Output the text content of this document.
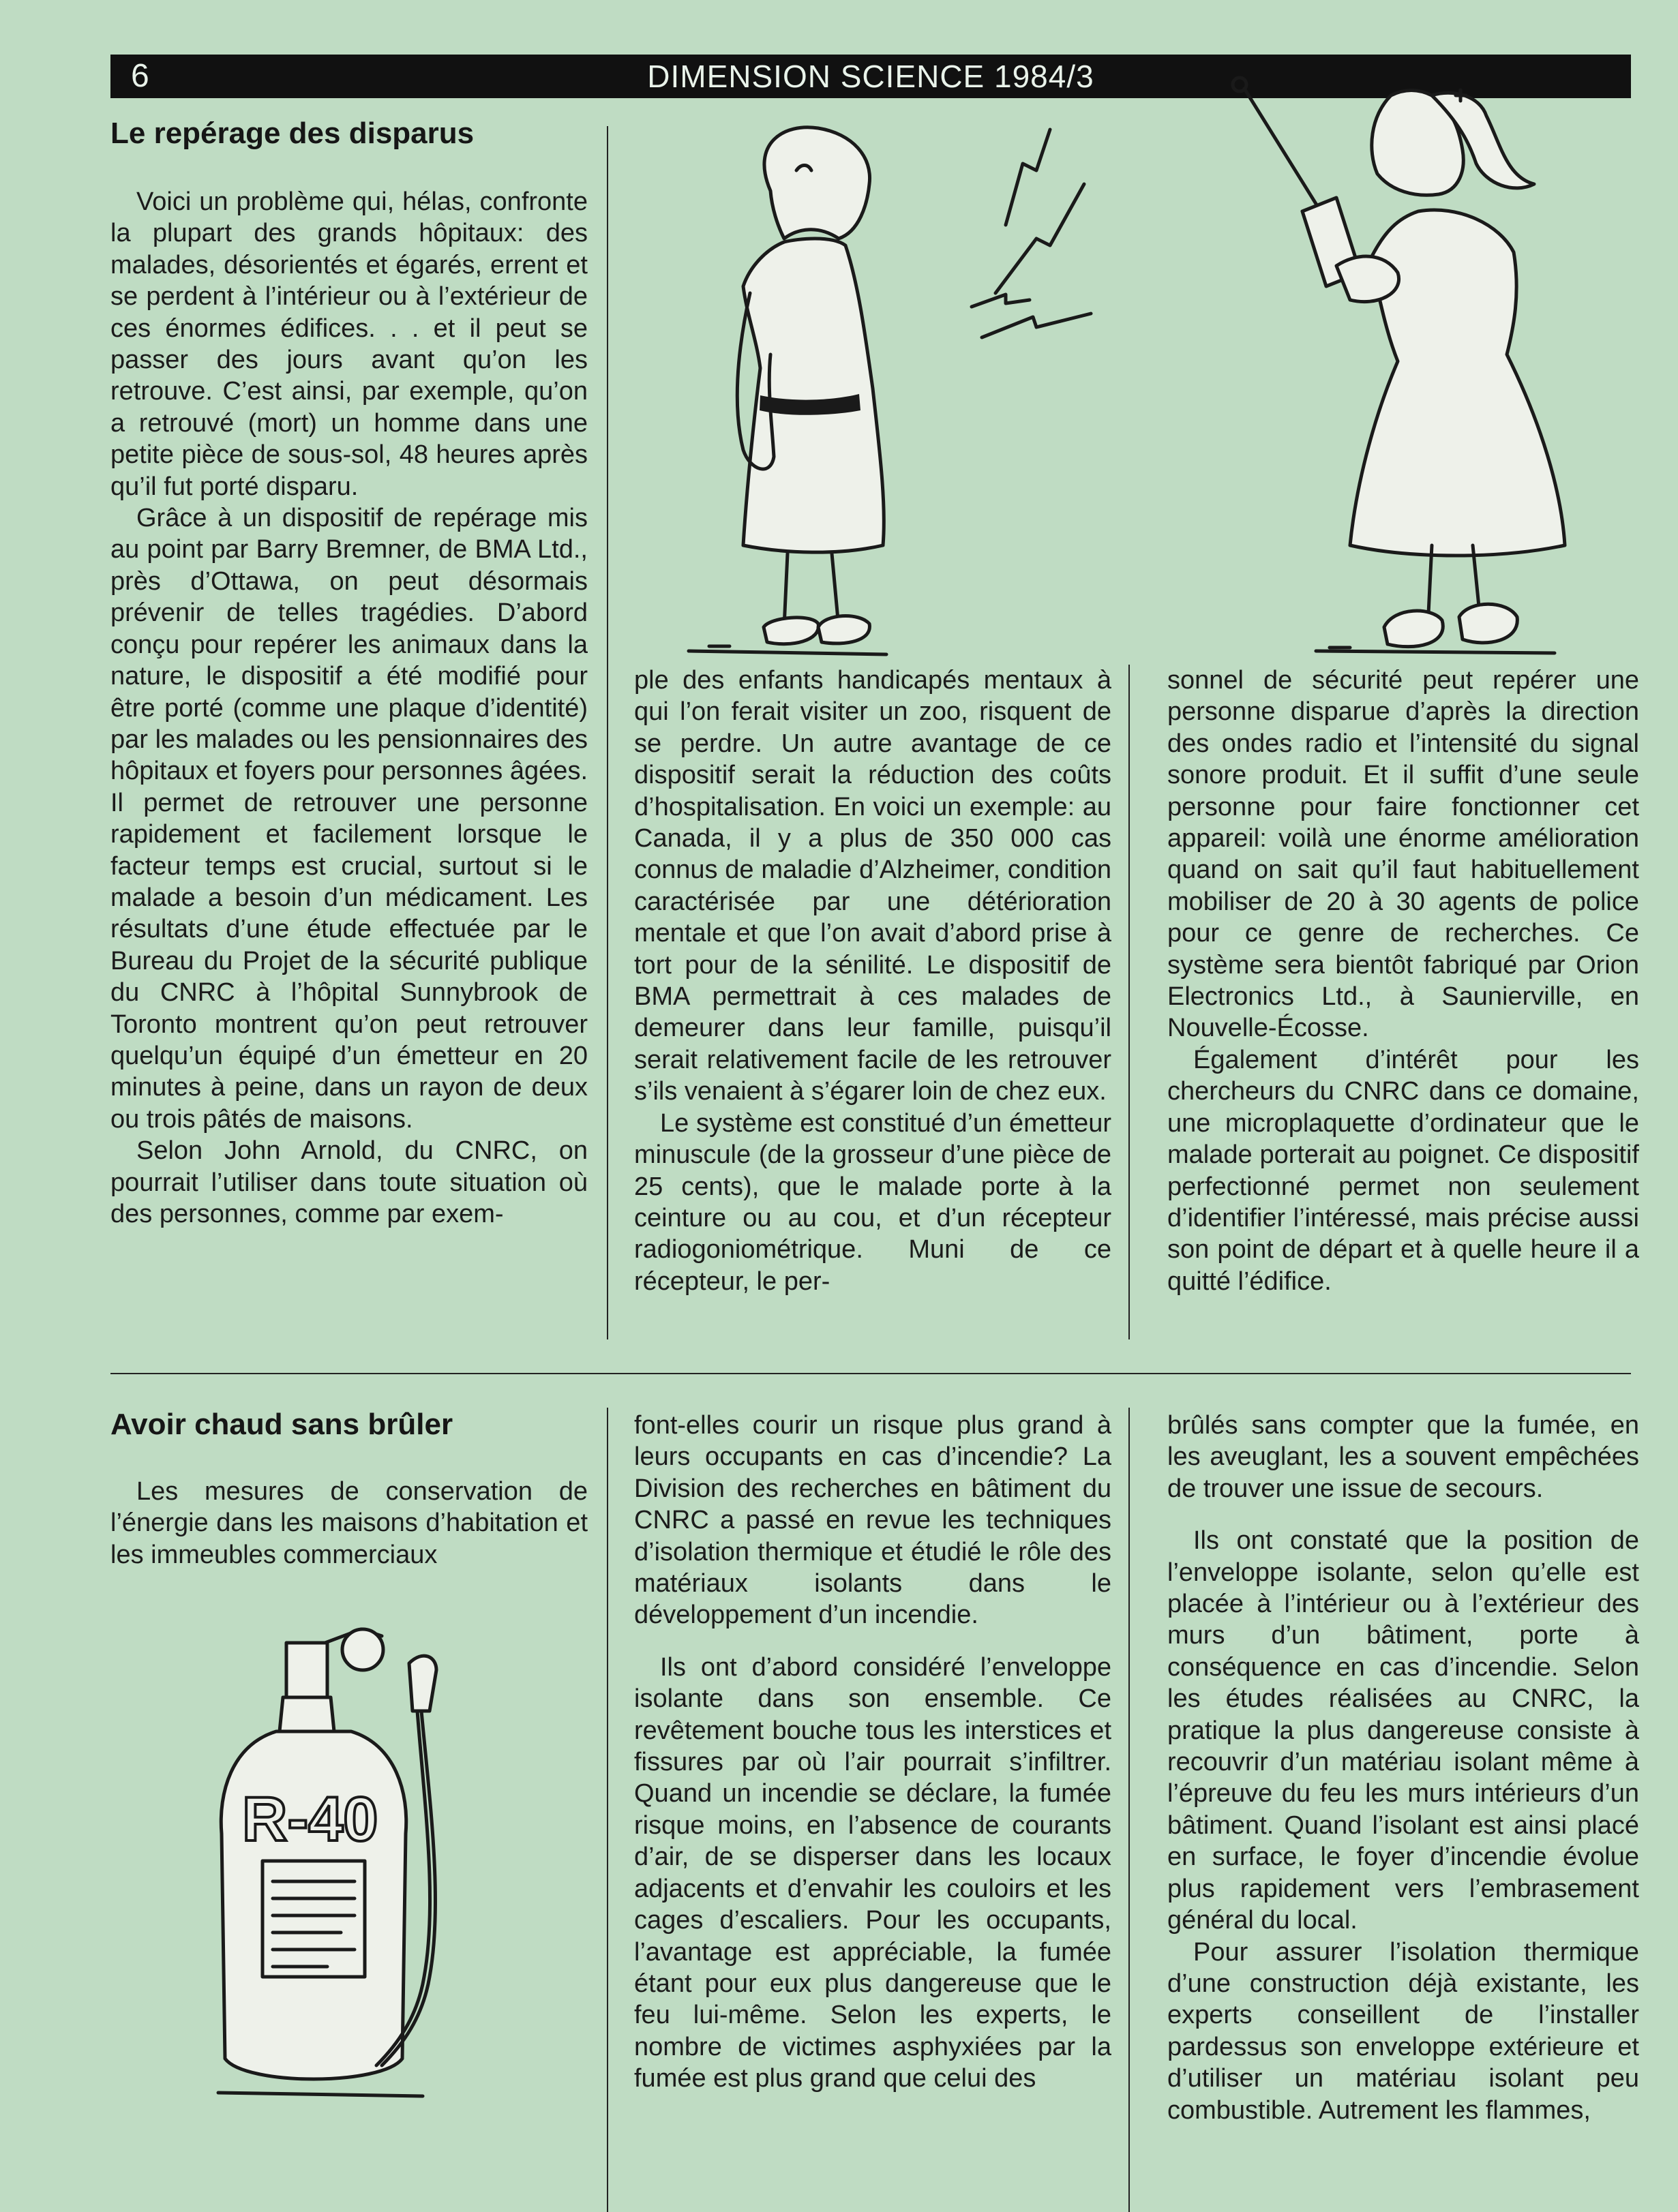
6	DIMENSION SCIENCE 1984/3
Le repérage des disparus

Voici un problème qui, hélas, confronte la plupart des grands hôpitaux: des malades, désorientés et égarés, errent et se perdent à l’intérieur ou à l’extérieur de ces énormes édifices. . . et il peut se passer des jours avant qu’on les retrouve. C’est ainsi, par exemple, qu’on a retrouvé (mort) un homme dans une petite pièce de sous-sol, 48 heures après qu’il fut porté disparu.

Grâce à un dispositif de repérage mis au point par Barry Bremner, de BMA Ltd., près d’Ottawa, on peut désormais prévenir de telles tragédies. D’abord conçu pour repérer les animaux dans la nature, le dispositif a été modifié pour être porté (comme une plaque d’identité) par les malades ou les pensionnaires des hôpitaux et foyers pour personnes âgées. Il permet de retrouver une personne rapidement et facilement lorsque le facteur temps est crucial, surtout si le malade a besoin d’un médicament. Les résultats d’une étude effectuée par le Bureau du Projet de la sécurité publique du CNRC à l’hôpital Sunnybrook de Toronto montrent qu’on peut retrouver quelqu’un équipé d’un émetteur en 20 minutes à peine, dans un rayon de deux ou trois pâtés de maisons.

Selon John Arnold, du CNRC, on pourrait l’utiliser dans toute situation où des personnes, comme par exem-

ple des enfants handicapés mentaux à qui l’on ferait visiter un zoo, risquent de se perdre. Un autre avantage de ce dispositif serait la réduction des coûts d’hospitalisation. En voici un exemple: au Canada, il y a plus de 350 000 cas connus de maladie d’Alzheimer, condition caractérisée par une détérioration mentale et que l’on avait d’abord prise à tort pour de la sénilité. Le dispositif de BMA permettrait à ces malades de demeurer dans leur famille, puisqu’il serait relativement facile de les retrouver s’ils venaient à s’égarer loin de chez eux.

Le système est constitué d’un émetteur minuscule (de la grosseur d’une pièce de 25 cents), que le malade porte à la ceinture ou au cou, et d’un récepteur radiogoniométrique. Muni de ce récepteur, le per-

sonnel de sécurité peut repérer une personne disparue d’après la direction des ondes radio et l’intensité du signal sonore produit. Et il suffit d’une seule personne pour faire fonctionner cet appareil: voilà une énorme amélioration quand on sait qu’il faut habituellement mobiliser de 20 à 30 agents de police pour ce genre de recherches. Ce système sera bientôt fabriqué par Orion Electronics Ltd., à Saunierville, en Nouvelle-Écosse.

Également d’intérêt pour les chercheurs du CNRC dans ce domaine, une microplaquette d’ordinateur que le malade porterait au poignet. Ce dispositif perfectionné permet non seulement d’identifier l’intéressé, mais précise aussi son point de départ et à quelle heure il a quitté l’édifice.

Avoir chaud sans brûler

Les mesures de conservation de l’énergie dans les maisons d’habitation et les immeubles commerciaux

R-40

font-elles courir un risque plus grand à leurs occupants en cas d’incendie? La Division des recherches en bâtiment du CNRC a passé en revue les techniques d’isolation thermique et étudié le rôle des matériaux isolants dans le développement d’un incendie.

Ils ont d’abord considéré l’enveloppe isolante dans son ensemble. Ce revêtement bouche tous les interstices et fissures par où l’air pourrait s’infiltrer. Quand un incendie se déclare, la fumée risque moins, en l’absence de courants d’air, de se disperser dans les locaux adjacents et d’envahir les couloirs et les cages d’escaliers. Pour les occupants, l’avantage est appréciable, la fumée étant pour eux plus dangereuse que le feu lui-même. Selon les experts, le nombre de victimes asphyxiées par la fumée est plus grand que celui des

brûlés sans compter que la fumée, en les aveuglant, les a souvent empêchées de trouver une issue de secours.

Ils ont constaté que la position de l’enveloppe isolante, selon qu’elle est placée à l’intérieur ou à l’extérieur des murs d’un bâtiment, porte à conséquence en cas d’incendie. Selon les études réalisées au CNRC, la pratique la plus dangereuse consiste à recouvrir d’un matériau isolant même à l’épreuve du feu les murs intérieurs d’un bâtiment. Quand l’isolant est ainsi placé en surface, le foyer d’incendie évolue plus rapidement vers l’embrasement général du local.

Pour assurer l’isolation thermique d’une construction déjà existante, les experts conseillent de l’installer pardessus son enveloppe extérieure et d’utiliser un matériau isolant peu combustible. Autrement les flammes,
